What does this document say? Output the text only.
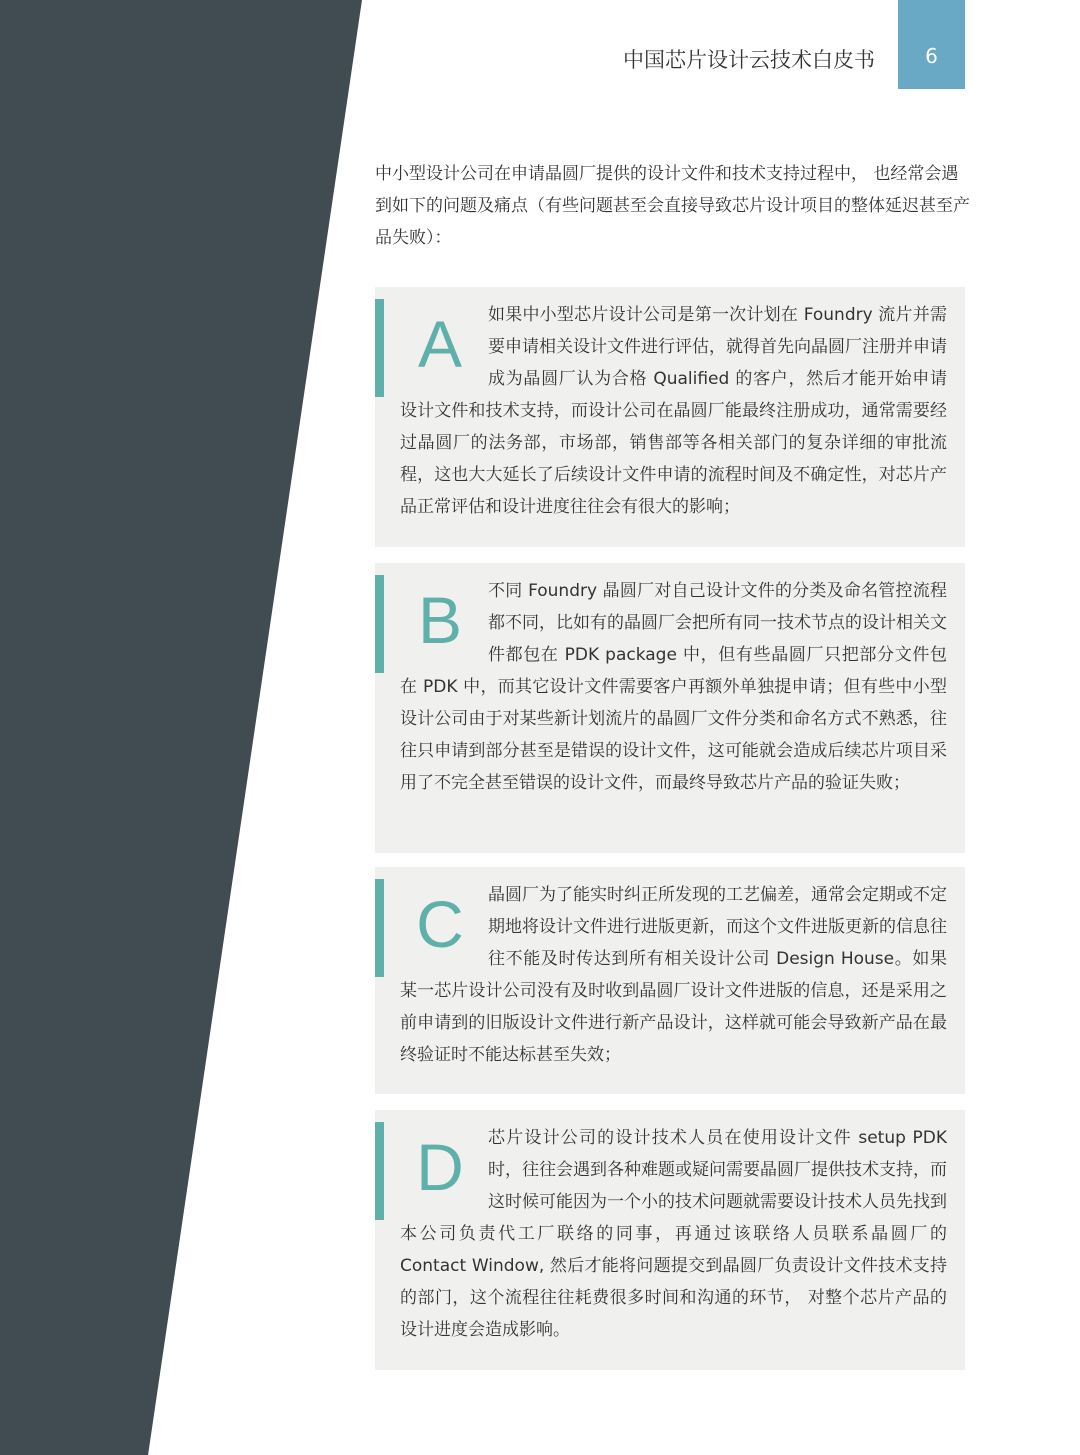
中国芯片设计云技术白皮书	6
中小型设计公司在申请晶圆厂提供的设计文件和技术支持过程中， 也经常会遇到如下的问题及痛点（有些问题甚至会直接导致芯片设计项目的整体延迟甚至产品失败）：
A	如果中小型芯片设计公司是第一次计划在 Foundry 流片并需要申请相关设计文件进行评估，就得首先向晶圆厂注册并申请成为晶圆厂认为合格 Qualified 的客户，然后才能开始申请设计文件和技术支持，而设计公司在晶圆厂能最终注册成功，通常需要经过晶圆厂的法务部，市场部，销售部等各相关部门的复杂详细的审批流程，这也大大延长了后续设计文件申请的流程时间及不确定性，对芯片产品正常评估和设计进度往往会有很大的影响；
B	不同 Foundry 晶圆厂对自己设计文件的分类及命名管控流程都不同，比如有的晶圆厂会把所有同一技术节点的设计相关文件都包在 PDK package 中，但有些晶圆厂只把部分文件包在 PDK 中，而其它设计文件需要客户再额外单独提申请；但有些中小型设计公司由于对某些新计划流片的晶圆厂文件分类和命名方式不熟悉，往往只申请到部分甚至是错误的设计文件，这可能就会造成后续芯片项目采用了不完全甚至错误的设计文件，而最终导致芯片产品的验证失败；
C	晶圆厂为了能实时纠正所发现的工艺偏差，通常会定期或不定期地将设计文件进行进版更新，而这个文件进版更新的信息往往不能及时传达到所有相关设计公司 Design House。如果某一芯片设计公司没有及时收到晶圆厂设计文件进版的信息，还是采用之前申请到的旧版设计文件进行新产品设计，这样就可能会导致新产品在最终验证时不能达标甚至失效；
D	芯片设计公司的设计技术人员在使用设计文件 setup PDK 时，往往会遇到各种难题或疑问需要晶圆厂提供技术支持，而这时候可能因为一个小的技术问题就需要设计技术人员先找到本公司负责代工厂联络的同事，再通过该联络人员联系晶圆厂的 Contact Window, 然后才能将问题提交到晶圆厂负责设计文件技术支持的部门，这个流程往往耗费很多时间和沟通的环节， 对整个芯片产品的设计进度会造成影响。
